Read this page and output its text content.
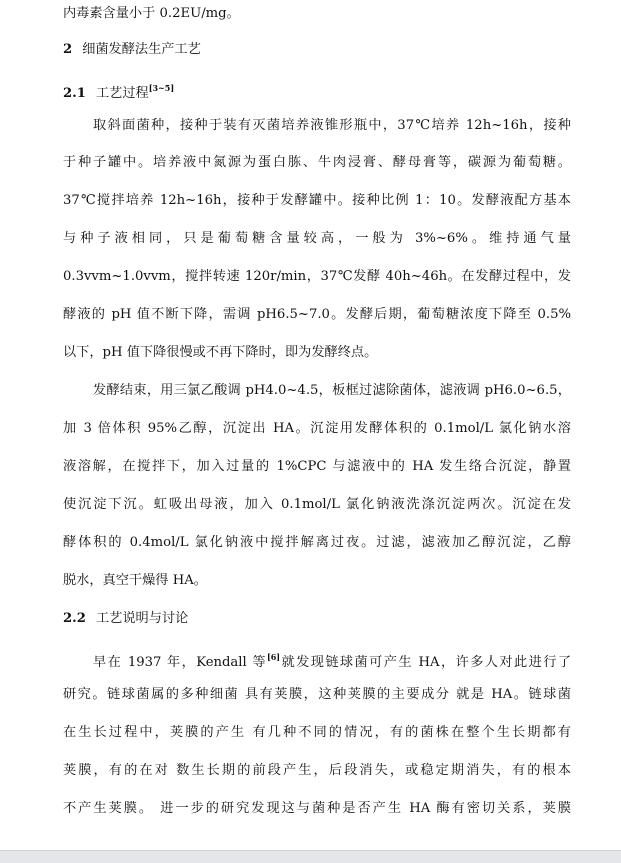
内毒素含量小于 0.2EU/mg。
2 细菌发酵法生产工艺
2.1 工艺过程[3~5]
取斜面菌种，接种于装有灭菌培养液锥形瓶中，37℃培养 12h~16h，接种
于种子罐中。培养液中氮源为蛋白胨、牛肉浸膏、酵母膏等，碳源为葡萄糖。
37℃搅拌培养 12h~16h，接种于发酵罐中。接种比例 1：10。发酵液配方基本
与种子液相同，只是葡萄糖含量较高，一般为 3%~6%。维持通气量
0.3vvm~1.0vvm，搅拌转速 120r/min，37℃发酵 40h~46h。在发酵过程中，发
酵液的 pH 值不断下降，需调 pH6.5~7.0。发酵后期，葡萄糖浓度下降至 0.5%
以下，pH 值下降很慢或不再下降时，即为发酵终点。
发酵结束，用三氯乙酸调 pH4.0~4.5，板框过滤除菌体，滤液调 pH6.0~6.5，
加 3 倍体积 95%乙醇，沉淀出 HA。沉淀用发酵体积的 0.1mol/L 氯化钠水溶
液溶解，在搅拌下，加入过量的 1%CPC 与滤液中的 HA 发生络合沉淀，静置
使沉淀下沉。虹吸出母液，加入 0.1mol/L 氯化钠液洗涤沉淀两次。沉淀在发
酵体积的 0.4mol/L 氯化钠液中搅拌解离过夜。过滤，滤液加乙醇沉淀，乙醇
脱水，真空干燥得 HA。
2.2 工艺说明与讨论
早在 1937 年，Kendall 等[6]就发现链球菌可产生 HA，许多人对此进行了
研究。链球菌属的多种细菌 具有荚膜，这种荚膜的主要成分 就是 HA。链球菌
在生长过程中，荚膜的产生 有几种不同的情况，有的菌株在整个生长期都有
荚膜，有的在对 数生长期的前段产生，后段消失，或稳定期消失，有的根本
不产生荚膜。 进一步的研究发现这与菌种是否产生 HA 酶有密切关系，荚膜
